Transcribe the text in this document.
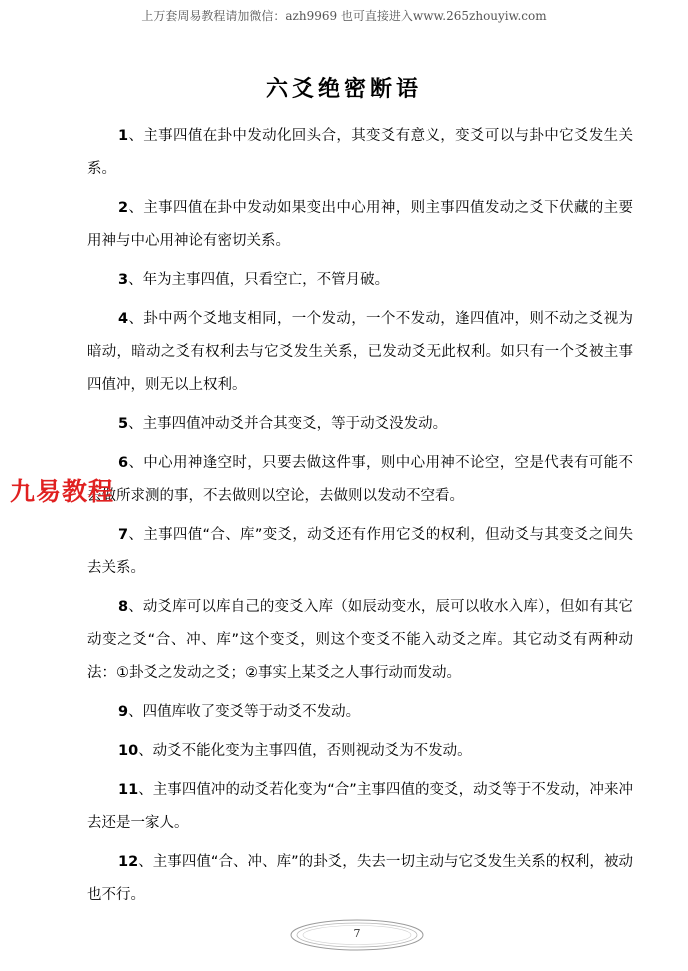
上万套周易教程请加微信：azh9969 也可直接进入www.265zhouyiw.com
六爻绝密断语

1、主事四值在卦中发动化回头合，其变爻有意义，变爻可以与卦中它爻发生关系。

2、主事四值在卦中发动如果变出中心用神，则主事四值发动之爻下伏藏的主要用神与中心用神论有密切关系。

3、年为主事四值，只看空亡，不管月破。

4、卦中两个爻地支相同，一个发动，一个不发动，逢四值冲，则不动之爻视为暗动，暗动之爻有权利去与它爻发生关系，已发动爻无此权利。如只有一个爻被主事四值冲，则无以上权利。

5、主事四值冲动爻并合其变爻，等于动爻没发动。

6、中心用神逢空时，只要去做这件事，则中心用神不论空，空是代表有可能不去做所求测的事，不去做则以空论，去做则以发动不空看。

7、主事四值“合、库”变爻，动爻还有作用它爻的权利，但动爻与其变爻之间失去关系。

8、动爻库可以库自己的变爻入库（如辰动变水，辰可以收水入库），但如有其它动变之爻“合、冲、库”这个变爻，则这个变爻不能入动爻之库。其它动爻有两种动法：①卦爻之发动之爻；②事实上某爻之人事行动而发动。

9、四值库收了变爻等于动爻不发动。

10、动爻不能化变为主事四值，否则视动爻为不发动。

11、主事四值冲的动爻若化变为“合”主事四值的变爻，动爻等于不发动，冲来冲去还是一家人。

12、主事四值“合、冲、库”的卦爻，失去一切主动与它爻发生关系的权利，被动也不行。

九易教程
7
